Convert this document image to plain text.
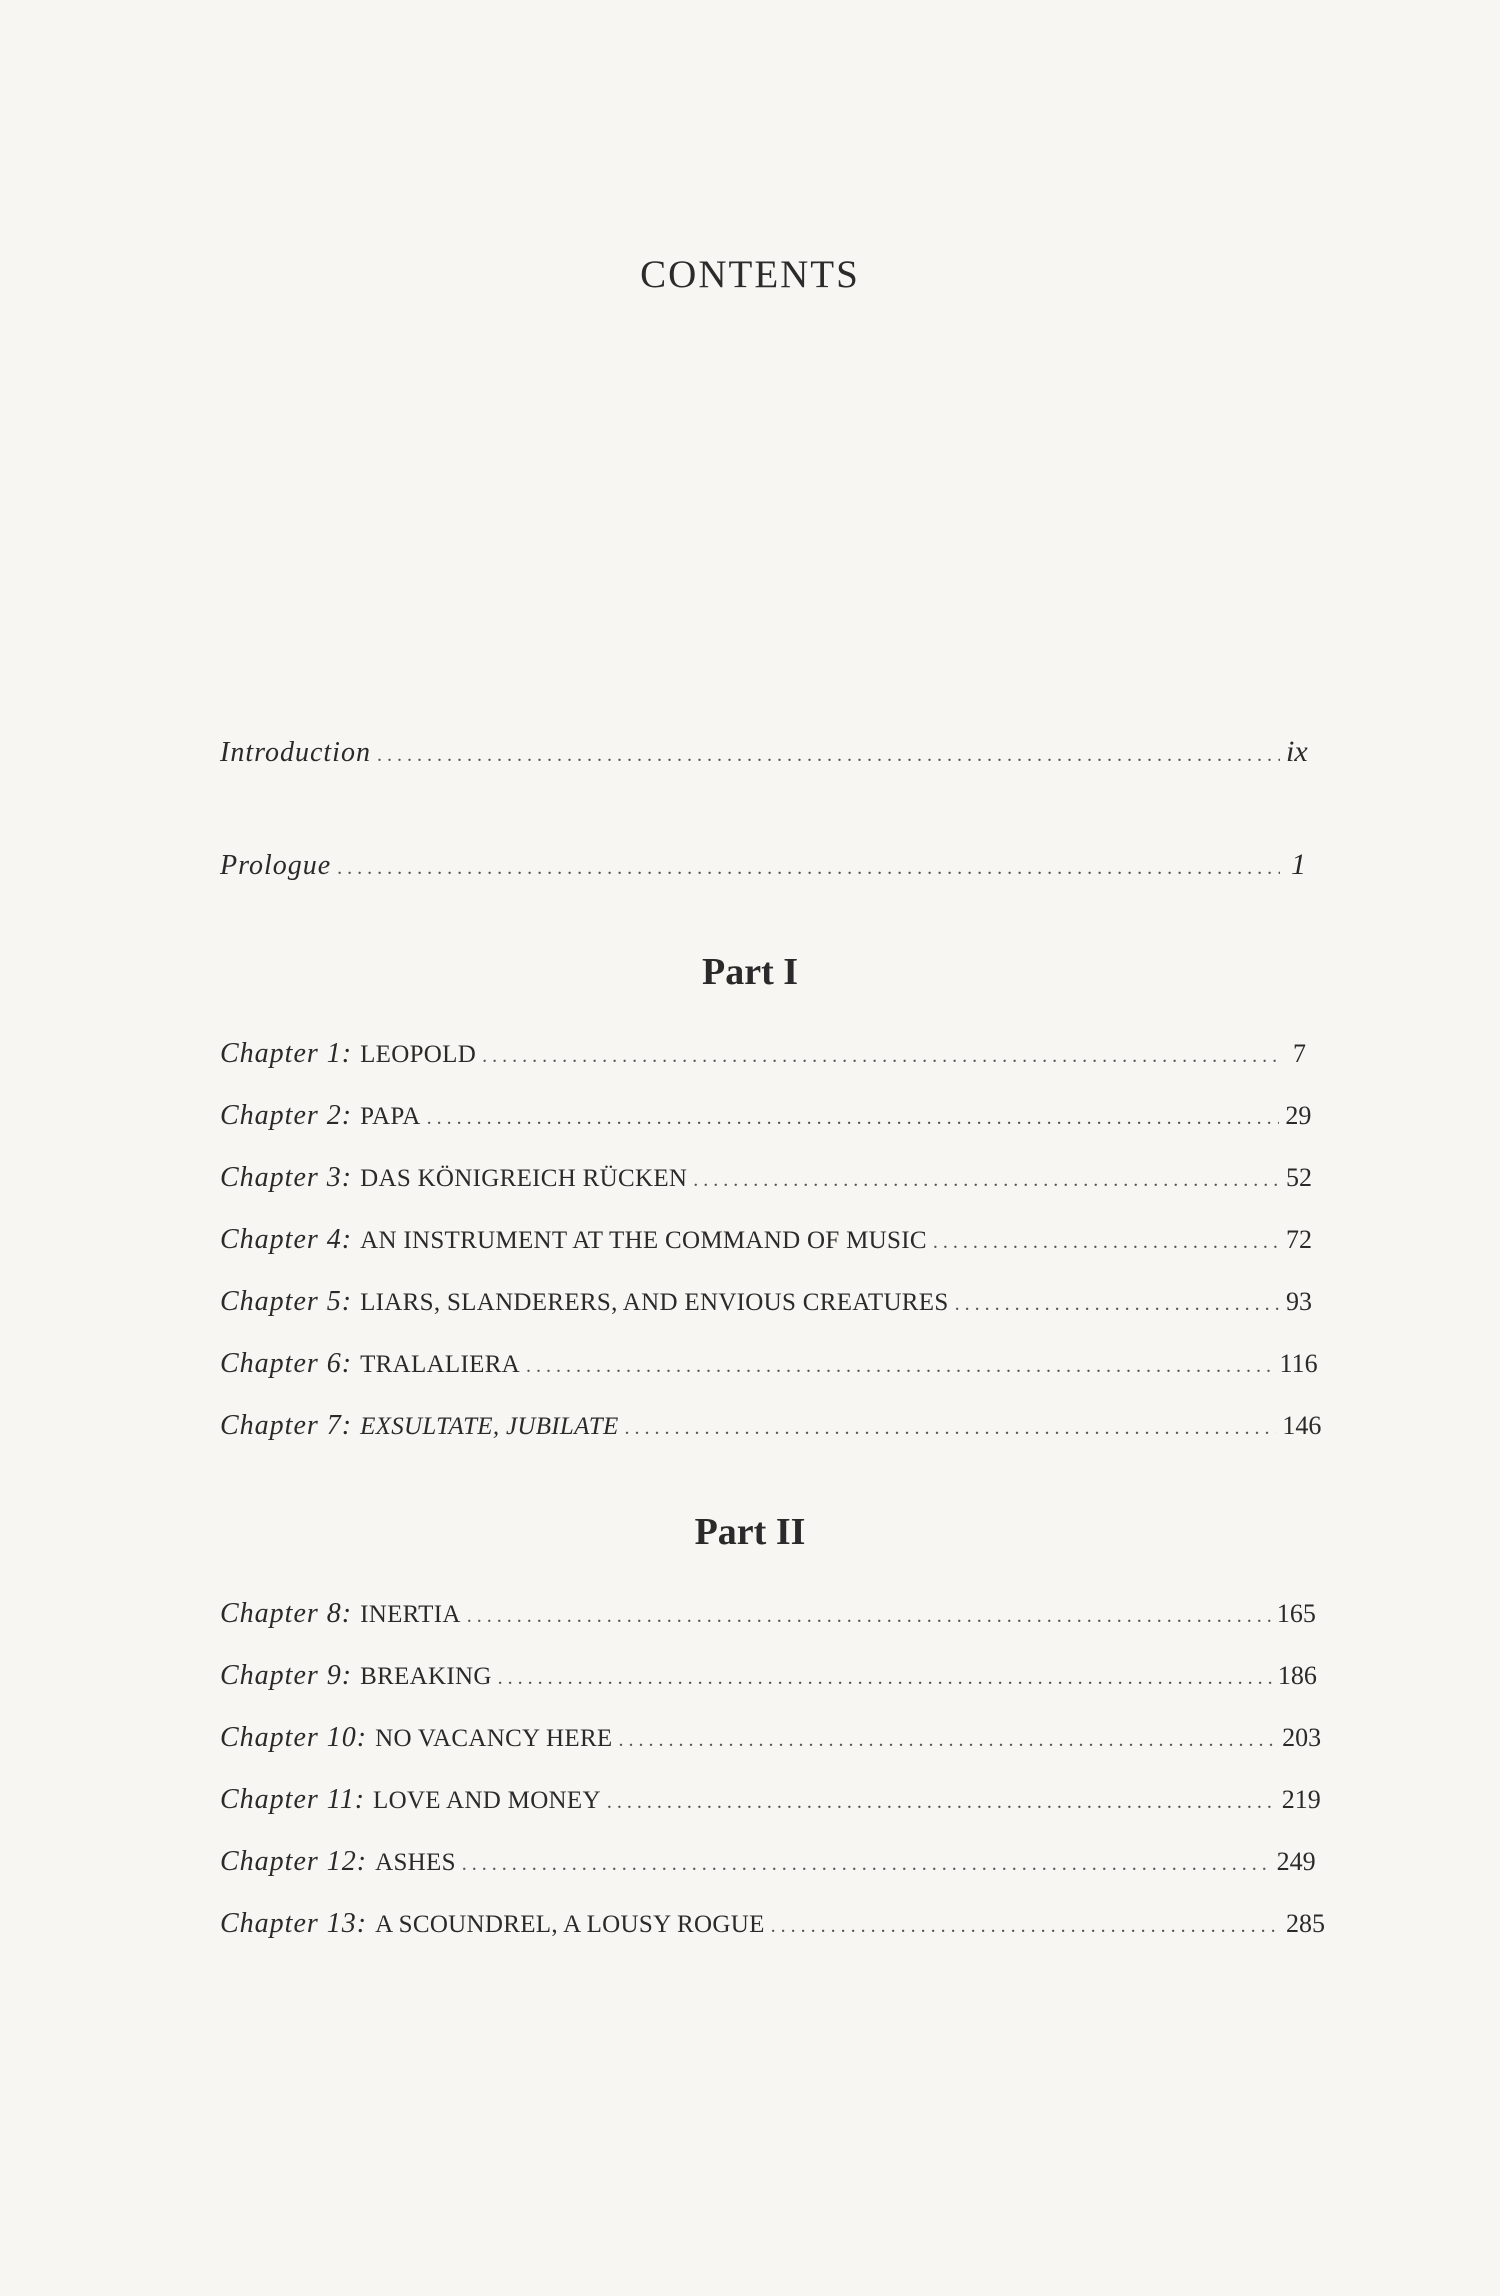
CONTENTS
Introduction . . .	ix
Prologue . . .	1
Part I
Chapter 1: LEOPOLD . . .	7
Chapter 2: PAPA . . .	29
Chapter 3: DAS KÖNIGREICH RÜCKEN . . .	52
Chapter 4: AN INSTRUMENT AT THE COMMAND OF MUSIC . . .	72
Chapter 5: LIARS, SLANDERERS, AND ENVIOUS CREATURES . . .	93
Chapter 6: TRALALIERA . . .	116
Chapter 7: EXSULTATE, JUBILATE . . .	146
Part II
Chapter 8: INERTIA . . .	165
Chapter 9: BREAKING . . .	186
Chapter 10: NO VACANCY HERE . . .	203
Chapter 11: LOVE AND MONEY . . .	219
Chapter 12: ASHES . . .	249
Chapter 13: A SCOUNDREL, A LOUSY ROGUE . . .	285
